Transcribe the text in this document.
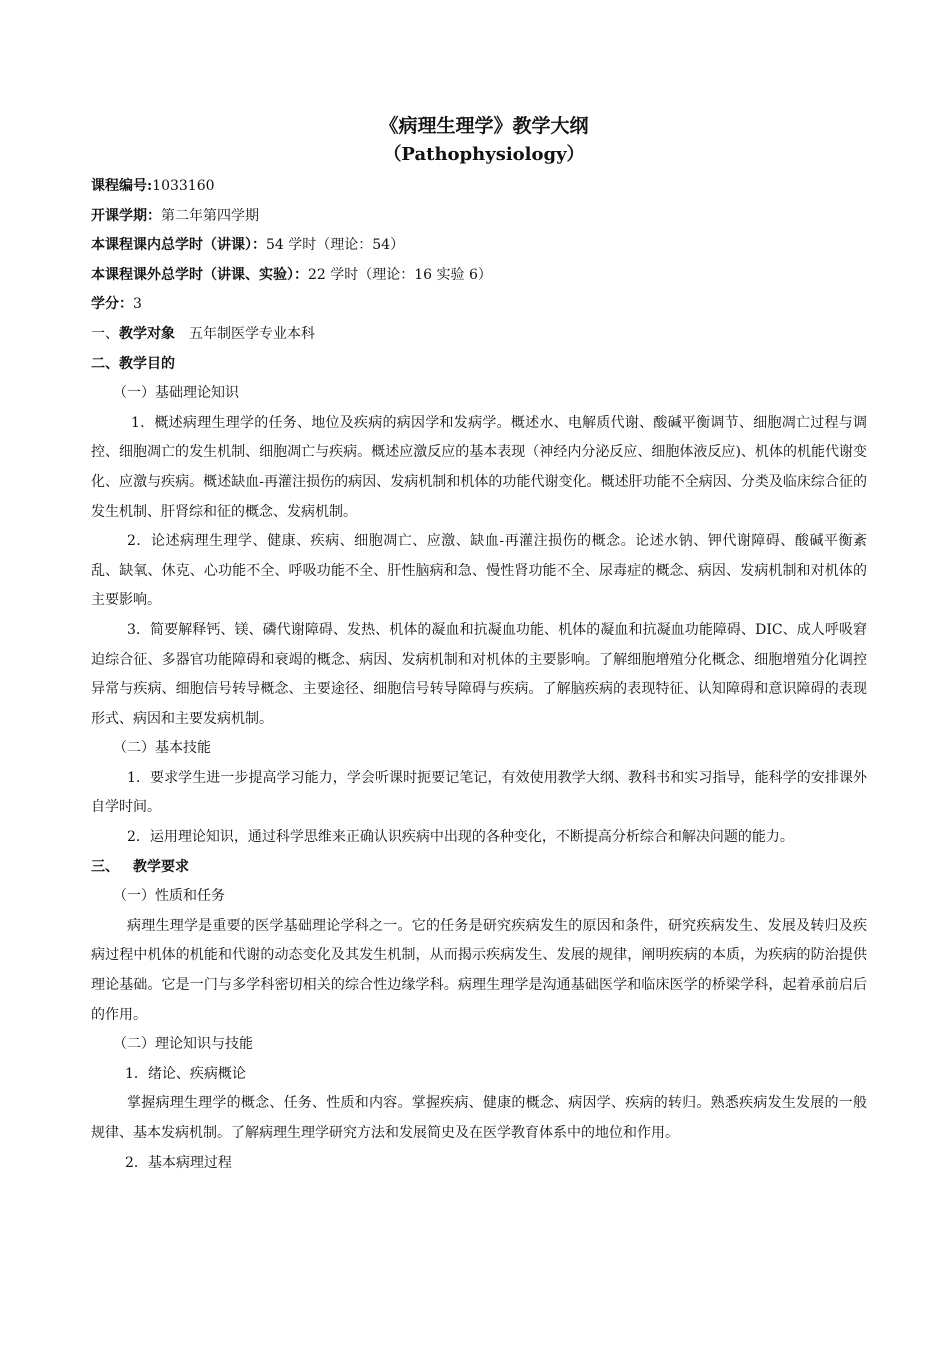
《病理生理学》教学大纲
（Pathophysiology）
课程编号:1033160
开课学期：第二年第四学期
本课程课内总学时（讲课）：54 学时（理论：54）
本课程课外总学时（讲课、实验）：22 学时（理论：16 实验 6）
学分：3
一、教学对象 五年制医学专业本科
二、教学目的
（一）基础理论知识

1．概述病理生理学的任务、地位及疾病的病因学和发病学。概述水、电解质代谢、酸碱平衡调节、细胞凋亡过程与调控、细胞凋亡的发生机制、细胞凋亡与疾病。概述应激反应的基本表现（神经内分泌反应、细胞体液反应)、机体的机能代谢变化、应激与疾病。概述缺血-再灌注损伤的病因、发病机制和机体的功能代谢变化。概述肝功能不全病因、分类及临床综合征的发生机制、肝肾综和征的概念、发病机制。

2．论述病理生理学、健康、疾病、细胞凋亡、应激、缺血-再灌注损伤的概念。论述水钠、钾代谢障碍、酸碱平衡紊乱、缺氧、休克、心功能不全、呼吸功能不全、肝性脑病和急、慢性肾功能不全、尿毒症的概念、病因、发病机制和对机体的主要影响。

3．简要解释钙、镁、磷代谢障碍、发热、机体的凝血和抗凝血功能、机体的凝血和抗凝血功能障碍、DIC、成人呼吸窘迫综合征、多器官功能障碍和衰竭的概念、病因、发病机制和对机体的主要影响。了解细胞增殖分化概念、细胞增殖分化调控异常与疾病、细胞信号转导概念、主要途径、细胞信号转导障碍与疾病。了解脑疾病的表现特征、认知障碍和意识障碍的表现形式、病因和主要发病机制。

（二）基本技能

1．要求学生进一步提高学习能力，学会听课时扼要记笔记，有效使用教学大纲、教科书和实习指导，能科学的安排课外自学时间。

2．运用理论知识，通过科学思维来正确认识疾病中出现的各种变化，不断提高分析综合和解决问题的能力。

三、 教学要求
（一）性质和任务

病理生理学是重要的医学基础理论学科之一。它的任务是研究疾病发生的原因和条件，研究疾病发生、发展及转归及疾病过程中机体的机能和代谢的动态变化及其发生机制，从而揭示疾病发生、发展的规律，阐明疾病的本质，为疾病的防治提供理论基础。它是一门与多学科密切相关的综合性边缘学科。病理生理学是沟通基础医学和临床医学的桥梁学科，起着承前启后的作用。

（二）理论知识与技能
1．绪论、疾病概论

掌握病理生理学的概念、任务、性质和内容。掌握疾病、健康的概念、病因学、疾病的转归。熟悉疾病发生发展的一般规律、基本发病机制。了解病理生理学研究方法和发展简史及在医学教育体系中的地位和作用。

2．基本病理过程
